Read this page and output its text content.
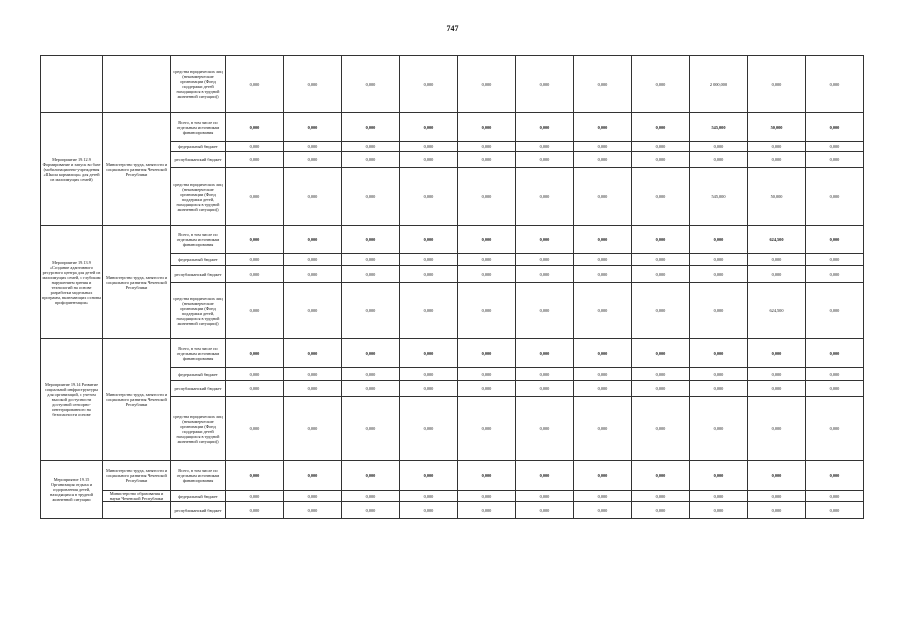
747
		средства юридических лиц (некоммерческие организации (Фонд поддержки детей находящихся в трудной жизненной ситуации))	0,000	0,000	0,000	0,000	0,000	0,000	0,000	0,000	2 000,000	0,000	0,000
Мероприятие 19.12.9 Формирование и запуск во базе (мобилизационно-учреждения «Школа кормилица» для детей из малоимущих семей)	Министерство труда, занятости и социального развития Чеченской Республики	Всего, в том числе по отдельным источникам финансирования	0,000	0,000	0,000	0,000	0,000	0,000	0,000	0,000	545,000	50,000	0,000
		федеральный бюджет	0,000	0,000	0,000	0,000	0,000	0,000	0,000	0,000	0,000	0,000	0,000
		республиканский бюджет	0,000	0,000	0,000	0,000	0,000	0,000	0,000	0,000	0,000	0,000	0,000
		средства юридических лиц (некоммерческие организации (Фонд поддержки детей, находящихся в трудной жизненной ситуации))	0,000	0,000	0,000	0,000	0,000	0,000	0,000	0,000	545,000	50,000	0,000
Мероприятие 19.13.9 «Создание адаптивного ресурсного центра для детей из малоимущих семей, с глубоким нарушением зрения и технологий на основе разработки модельных программ, включающих основы профориентации»	Министерство труда, занятости и социального развития Чеченской Республики	Всего, в том числе по отдельным источникам финансирования	0,000	0,000	0,000	0,000	0,000	0,000	0,000	0,000	0,000	624,500	0,000
		федеральный бюджет	0,000	0,000	0,000	0,000	0,000	0,000	0,000	0,000	0,000	0,000	0,000
		республиканский бюджет	0,000	0,000	0,000	0,000	0,000	0,000	0,000	0,000	0,000	0,000	0,000
		средства юридических лиц (некоммерческие организации (Фонд поддержки детей, находящихся в трудной жизненной ситуации))	0,000	0,000	0,000	0,000	0,000	0,000	0,000	0,000	0,000	624,500	0,000
Мероприятие 19.14 Развитие социальной инфраструктуры для организаций, с учетом высокой доступности доступной сенсорно-интегрированного на безопасности основе	Министерство труда, занятости и социального развития Чеченской Республики	Всего, в том числе по отдельным источникам финансирования	0,000	0,000	0,000	0,000	0,000	0,000	0,000	0,000	0,000	0,000	0,000
		федеральный бюджет	0,000	0,000	0,000	0,000	0,000	0,000	0,000	0,000	0,000	0,000	0,000
		республиканский бюджет	0,000	0,000	0,000	0,000	0,000	0,000	0,000	0,000	0,000	0,000	0,000
		средства юридических лиц (некоммерческие организации (Фонд поддержки детей находящихся в трудной жизненной ситуации))	0,000	0,000	0,000	0,000	0,000	0,000	0,000	0,000	0,000	0,000	0,000
Мероприятие 19.15 Организация отдыха и оздоровления детей, находящихся в трудной жизненной ситуации	Министерство труда, занятости и социального развития Чеченской Республики	Всего, в том числе по отдельным источникам финансирования	0,000	0,000	0,000	0,000	0,000	0,000	0,000	0,000	0,000	0,000	0,000
	Министерство образования и науки Чеченской Республики	федеральный бюджет	0,000	0,000	0,000	0,000	0,000	0,000	0,000	0,000	0,000	0,000	0,000
		республиканский бюджет	0,000	0,000	0,000	0,000	0,000	0,000	0,000	0,000	0,000	0,000	0,000
